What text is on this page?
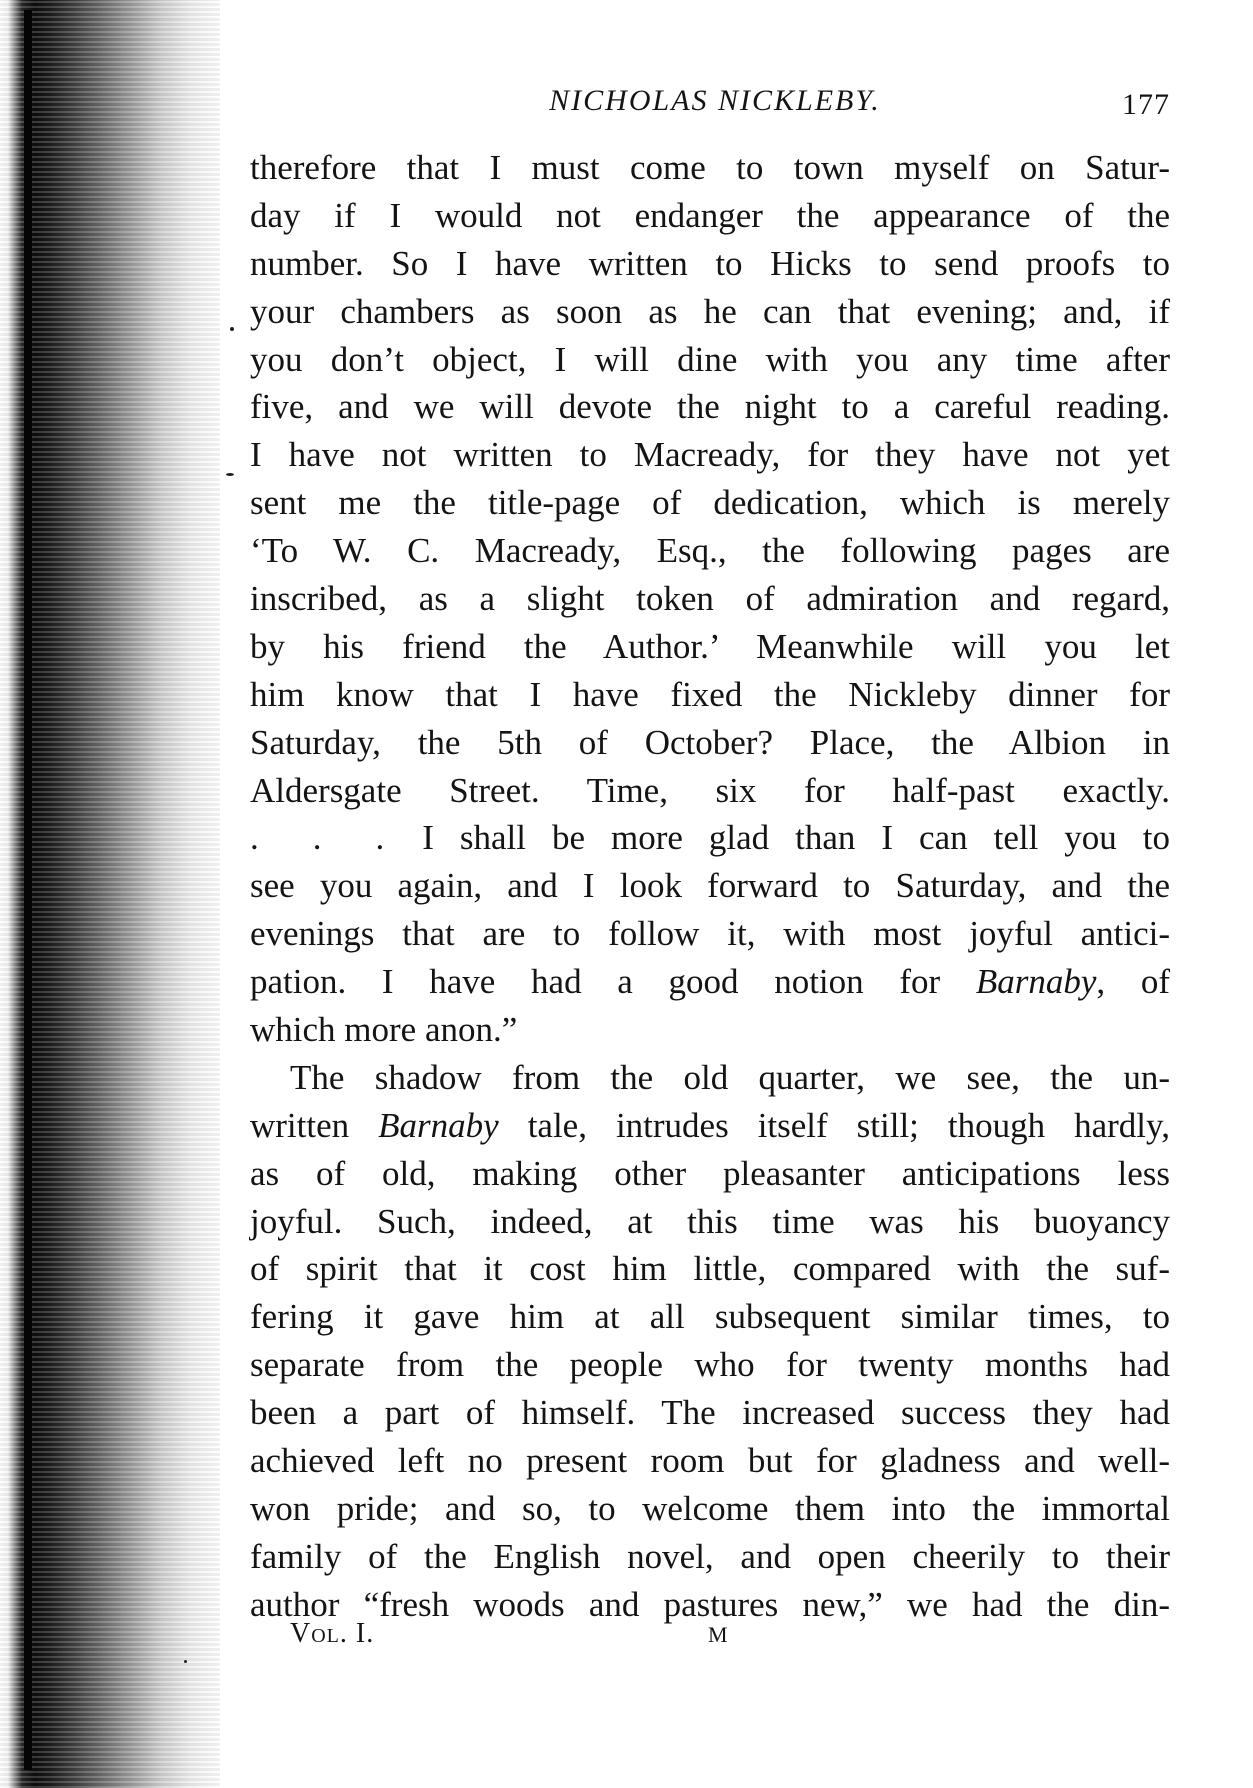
NICHOLAS NICKLEBY.	177
therefore that I must come to town myself on Satur-
day if I would not endanger the appearance of the
number. So I have written to Hicks to send proofs to
your chambers as soon as he can that evening; and, if
you don’t object, I will dine with you any time after
five, and we will devote the night to a careful reading.
I have not written to Macready, for they have not yet
sent me the title-page of dedication, which is merely
‘To W. C. Macready, Esq., the following pages are
inscribed, as a slight token of admiration and regard,
by his friend the Author.’ Meanwhile will you let
him know that I have fixed the Nickleby dinner for
Saturday, the 5th of October? Place, the Albion in
Aldersgate Street. Time, six for half-past exactly.
. . . I shall be more glad than I can tell you to
see you again, and I look forward to Saturday, and the
evenings that are to follow it, with most joyful antici-
pation. I have had a good notion for Barnaby, of
which more anon.”
The shadow from the old quarter, we see, the un-
written Barnaby tale, intrudes itself still; though hardly,
as of old, making other pleasanter anticipations less
joyful. Such, indeed, at this time was his buoyancy
of spirit that it cost him little, compared with the suf-
fering it gave him at all subsequent similar times, to
separate from the people who for twenty months had
been a part of himself. The increased success they had
achieved left no present room but for gladness and well-
won pride; and so, to welcome them into the immortal
family of the English novel, and open cheerily to their
author “fresh woods and pastures new,” we had the din-
Vol. I.	M
